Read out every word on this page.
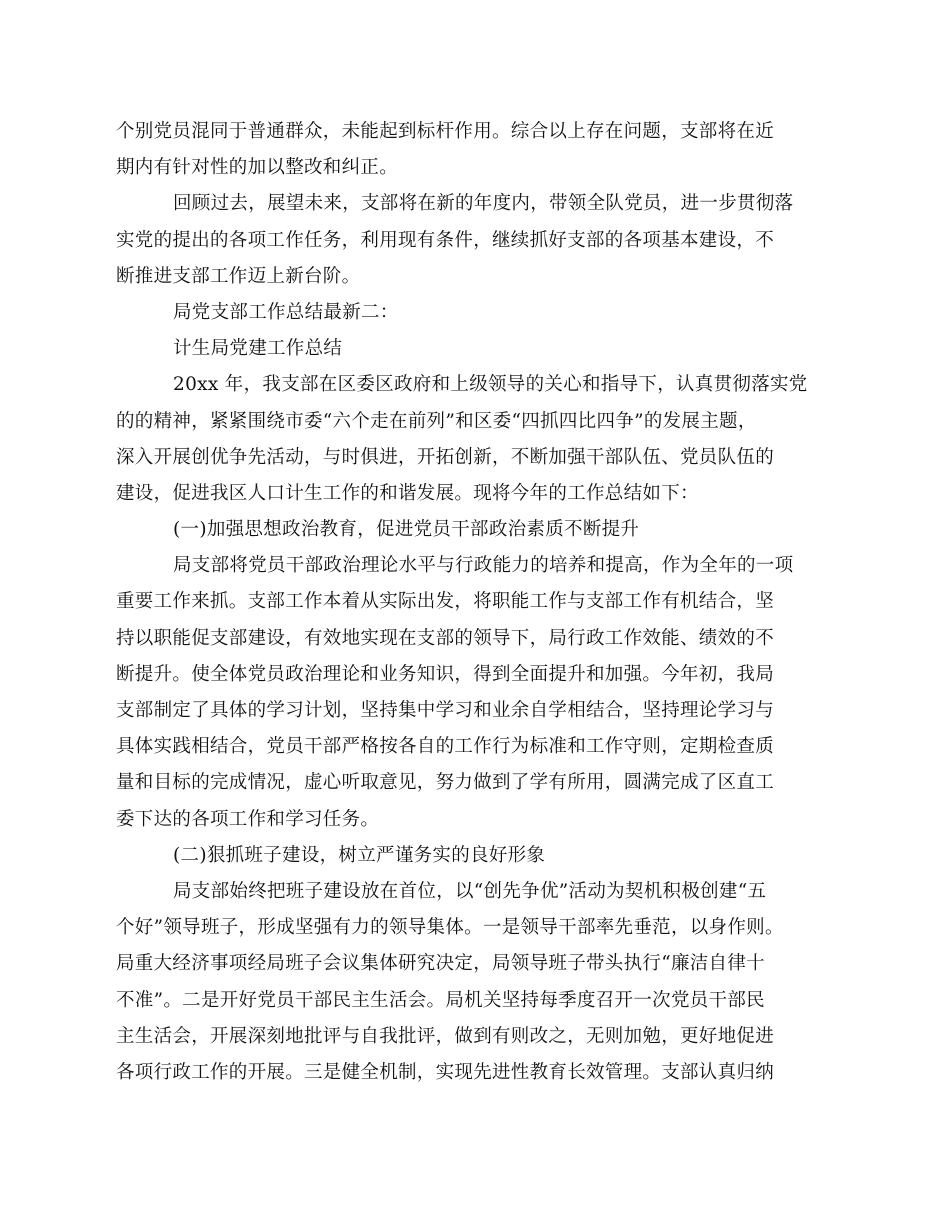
个别党员混同于普通群众，未能起到标杆作用。综合以上存在问题，支部将在近
期内有针对性的加以整改和纠正。
回顾过去，展望未来，支部将在新的年度内，带领全队党员，进一步贯彻落
实党的提出的各项工作任务，利用现有条件，继续抓好支部的各项基本建设，不
断推进支部工作迈上新台阶。
局党支部工作总结最新二：
计生局党建工作总结
20xx 年，我支部在区委区政府和上级领导的关心和指导下，认真贯彻落实党
的的精神，紧紧围绕市委“六个走在前列”和区委“四抓四比四争”的发展主题，
深入开展创优争先活动，与时俱进，开拓创新，不断加强干部队伍、党员队伍的
建设，促进我区人口计生工作的和谐发展。现将今年的工作总结如下：
(一)加强思想政治教育，促进党员干部政治素质不断提升
局支部将党员干部政治理论水平与行政能力的培养和提高，作为全年的一项
重要工作来抓。支部工作本着从实际出发，将职能工作与支部工作有机结合，坚
持以职能促支部建设，有效地实现在支部的领导下，局行政工作效能、绩效的不
断提升。使全体党员政治理论和业务知识，得到全面提升和加强。今年初，我局
支部制定了具体的学习计划，坚持集中学习和业余自学相结合，坚持理论学习与
具体实践相结合，党员干部严格按各自的工作行为标准和工作守则，定期检查质
量和目标的完成情况，虚心听取意见，努力做到了学有所用，圆满完成了区直工
委下达的各项工作和学习任务。
(二)狠抓班子建设，树立严谨务实的良好形象
局支部始终把班子建设放在首位，以“创先争优”活动为契机积极创建“五
个好”领导班子，形成坚强有力的领导集体。一是领导干部率先垂范，以身作则。
局重大经济事项经局班子会议集体研究决定，局领导班子带头执行“廉洁自律十
不准”。二是开好党员干部民主生活会。局机关坚持每季度召开一次党员干部民
主生活会，开展深刻地批评与自我批评，做到有则改之，无则加勉，更好地促进
各项行政工作的开展。三是健全机制，实现先进性教育长效管理。支部认真归纳
